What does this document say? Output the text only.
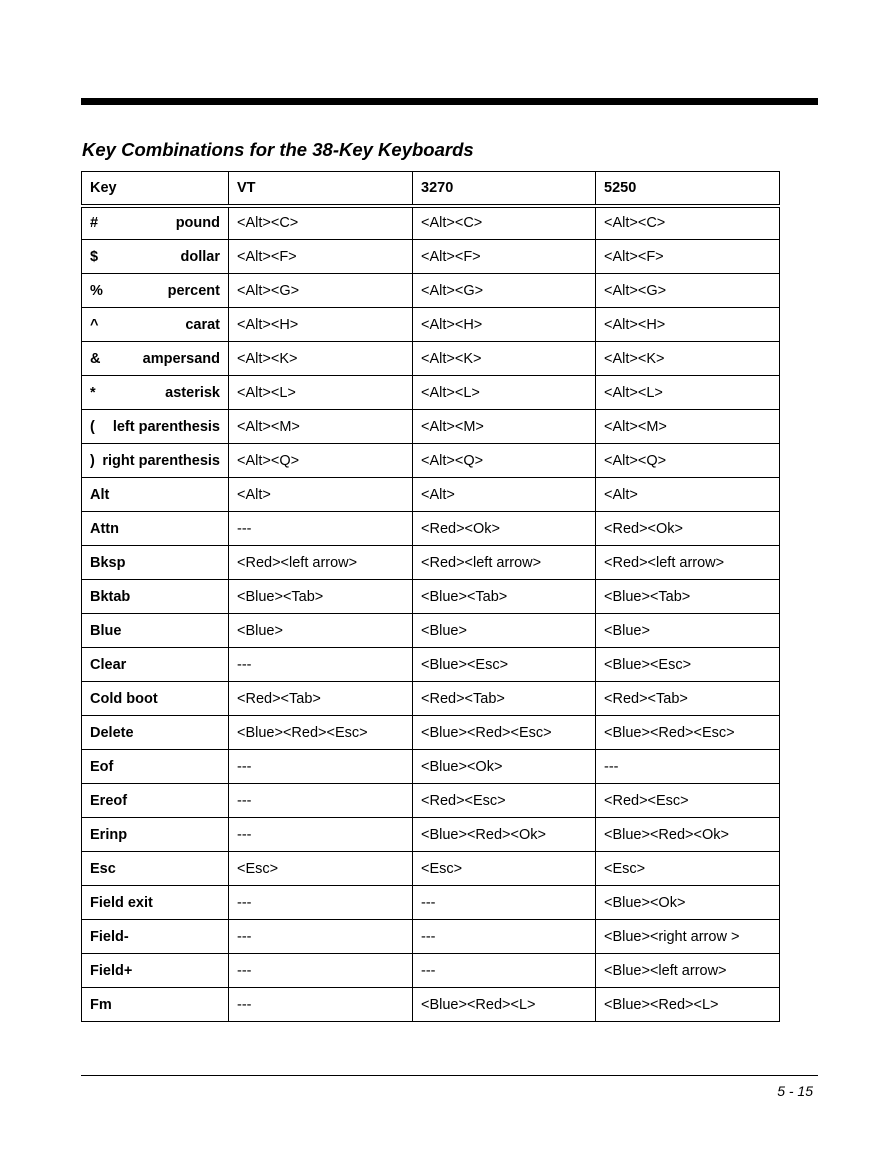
Key Combinations for the 38-Key Keyboards
Key	VT	3270	5250

# pound	<Alt><C>	<Alt><C>	<Alt><C>

$ dollar	<Alt><F>	<Alt><F>	<Alt><F>

% percent	<Alt><G>	<Alt><G>	<Alt><G>

^ carat	<Alt><H>	<Alt><H>	<Alt><H>

& ampersand	<Alt><K>	<Alt><K>	<Alt><K>

* asterisk	<Alt><L>	<Alt><L>	<Alt><L>

( left parenthesis	<Alt><M>	<Alt><M>	<Alt><M>

) right parenthesis	<Alt><Q>	<Alt><Q>	<Alt><Q>
Alt	<Alt>	<Alt>	<Alt>
Attn	---	<Red><Ok>	<Red><Ok>
Bksp	<Red><left arrow>	<Red><left arrow>	<Red><left arrow>
Bktab	<Blue><Tab>	<Blue><Tab>	<Blue><Tab>
Blue	<Blue>	<Blue>	<Blue>
Clear	---	<Blue><Esc>	<Blue><Esc>
Cold boot	<Red><Tab>	<Red><Tab>	<Red><Tab>
Delete	<Blue><Red><Esc>	<Blue><Red><Esc>	<Blue><Red><Esc>
Eof	---	<Blue><Ok>	---
Ereof	---	<Red><Esc>	<Red><Esc>
Erinp	---	<Blue><Red><Ok>	<Blue><Red><Ok>
Esc	<Esc>	<Esc>	<Esc>
Field exit	---	---	<Blue><Ok>
Field-	---	---	<Blue><right arrow >
Field+	---	---	<Blue><left arrow>
Fm	---	<Blue><Red><L>	<Blue><Red><L>
5 - 15
